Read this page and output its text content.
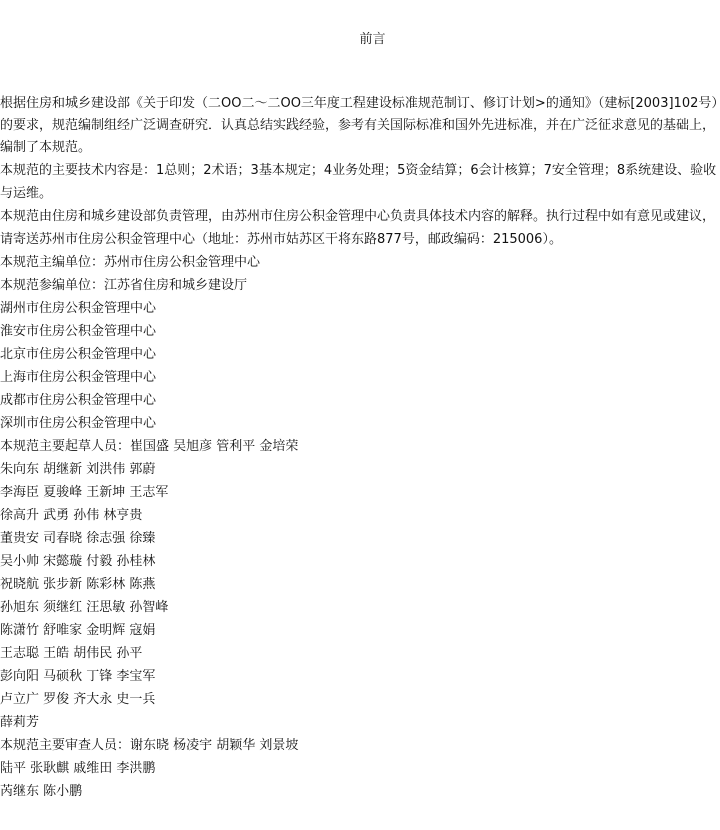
前言

根据住房和城乡建设部《关于印发（二OO二～二OO三年度工程建设标准规范制订、修订计划>的通知》（建标[2003]102号）的要求，规范编制组经广泛调查研究．认真总结实践经验，参考有关国际标准和国外先进标准，并在广泛征求意见的基础上，编制了本规范。

本规范的主要技术内容是：1总则；2术语；3基本规定；4业务处理；5资金结算；6会计核算；7安全管理；8系统建设、验收与运维。

本规范由住房和城乡建设部负责管理，由苏州市住房公积金管理中心负责具体技术内容的解释。执行过程中如有意见或建议，请寄送苏州市住房公积金管理中心（地址：苏州市姑苏区干将东路877号，邮政编码：215006）。

本规范主编单位：苏州市住房公积金管理中心
本规范参编单位：江苏省住房和城乡建设厅
湖州市住房公积金管理中心
淮安市住房公积金管理中心
北京市住房公积金管理中心
上海市住房公积金管理中心
成都市住房公积金管理中心
深圳市住房公积金管理中心
本规范主要起草人员：崔国盛 吴旭彦 管利平 金培荣
朱向东 胡继新 刘洪伟 郭蔚
李海臣 夏骏峰 王新坤 王志军
徐高升 武勇 孙伟 林亨贵
董贵安 司春晓 徐志强 徐臻
吴小帅 宋懿璇 付毅 孙桂林
祝晓航 张步新 陈彩林 陈燕
孙旭东 须继红 汪思敏 孙智峰
陈潇竹 舒唯家 金明辉 寇娟
王志聪 王皓 胡伟民 孙平
彭向阳 马硕秋 丁锋 李宝军
卢立广 罗俊 齐大永 史一兵
薛莉芳
本规范主要审查人员：谢东晓 杨凌宇 胡颖华 刘景坡
陆平 张耿麒 戚维田 李洪鹏
芮继东 陈小鹏
